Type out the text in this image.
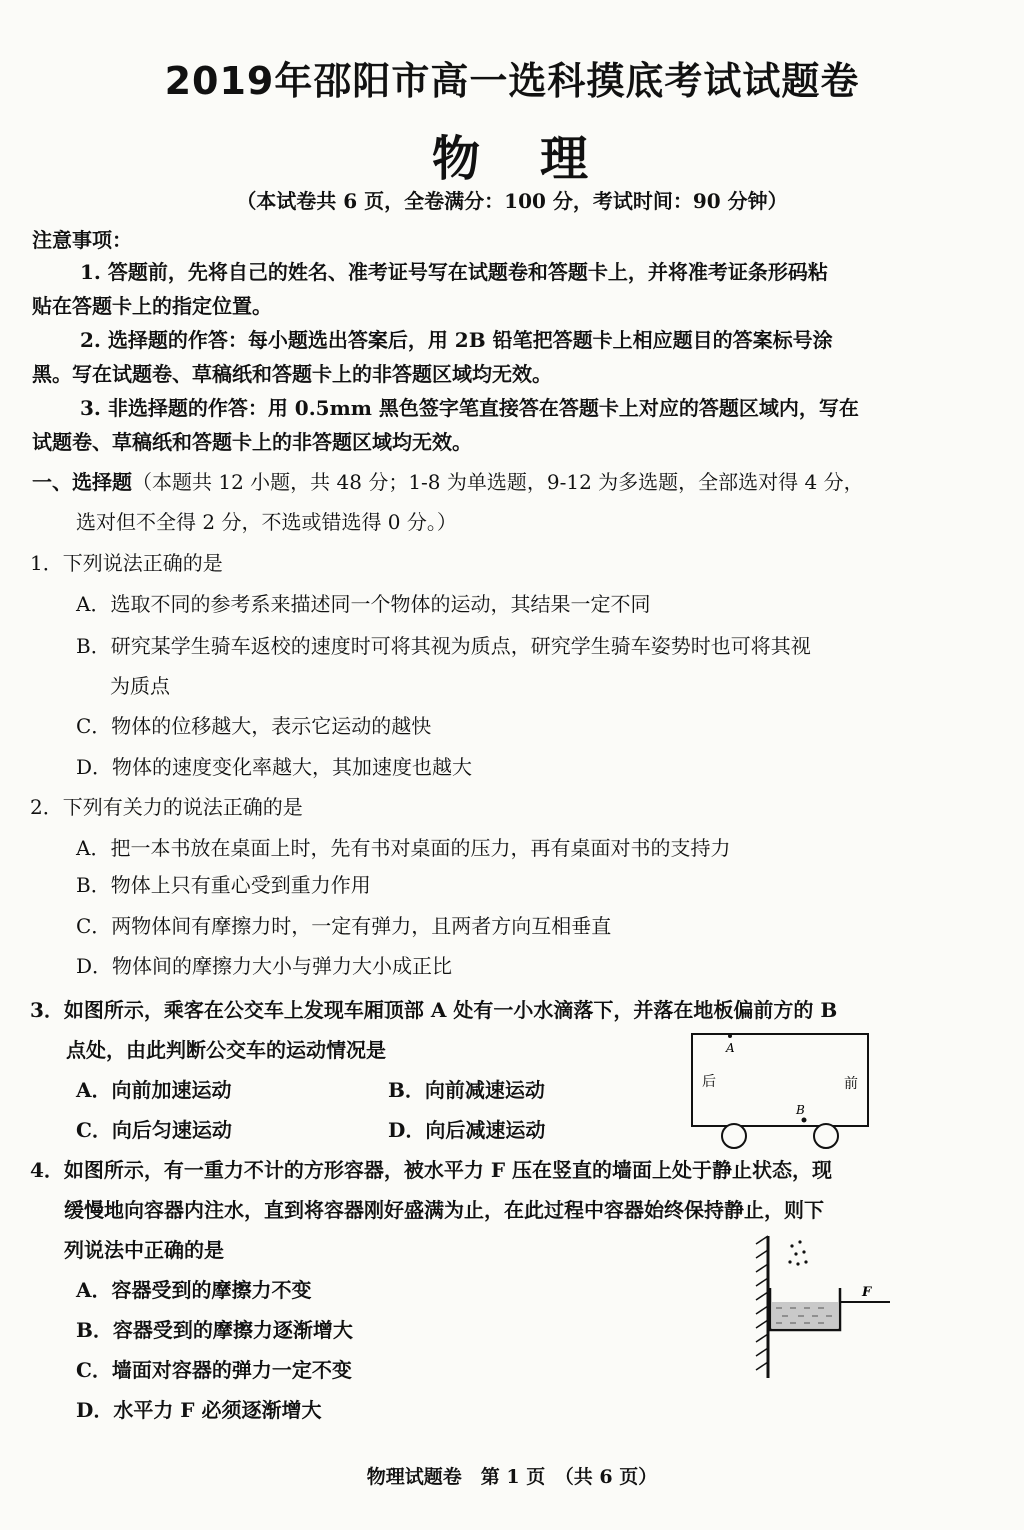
2019年邵阳市高一选科摸底考试试题卷
物 理
（本试卷共 6 页，全卷满分：100 分，考试时间：90 分钟）
注意事项：
1. 答题前，先将自己的姓名、准考证号写在试题卷和答题卡上，并将准考证条形码粘
贴在答题卡上的指定位置。
2. 选择题的作答：每小题选出答案后，用 2B 铅笔把答题卡上相应题目的答案标号涂
黑。写在试题卷、草稿纸和答题卡上的非答题区域均无效。
3. 非选择题的作答：用 0.5mm 黑色签字笔直接答在答题卡上对应的答题区域内，写在
试题卷、草稿纸和答题卡上的非答题区域均无效。
一、选择题（本题共 12 小题，共 48 分；1-8 为单选题，9-12 为多选题，全部选对得 4 分，
选对但不全得 2 分，不选或错选得 0 分。）
1．下列说法正确的是
A．选取不同的参考系来描述同一个物体的运动，其结果一定不同
B．研究某学生骑车返校的速度时可将其视为质点，研究学生骑车姿势时也可将其视
为质点
C．物体的位移越大，表示它运动的越快
D．物体的速度变化率越大，其加速度也越大
2．下列有关力的说法正确的是
A．把一本书放在桌面上时，先有书对桌面的压力，再有桌面对书的支持力
B．物体上只有重心受到重力作用
C．两物体间有摩擦力时，一定有弹力，且两者方向互相垂直
D．物体间的摩擦力大小与弹力大小成正比
3．如图所示，乘客在公交车上发现车厢顶部 A 处有一小水滴落下，并落在地板偏前方的 B
点处，由此判断公交车的运动情况是
A．向前加速运动	B．向前减速运动
C．向后匀速运动	D．向后减速运动
A
B
后	前
4．如图所示，有一重力不计的方形容器，被水平力 F 压在竖直的墙面上处于静止状态，现
缓慢地向容器内注水，直到将容器刚好盛满为止，在此过程中容器始终保持静止，则下
列说法中正确的是
A．容器受到的摩擦力不变
B．容器受到的摩擦力逐渐增大
C．墙面对容器的弹力一定不变
D．水平力 F 必须逐渐增大
F
物理试题卷　第 1 页　（共 6 页）
